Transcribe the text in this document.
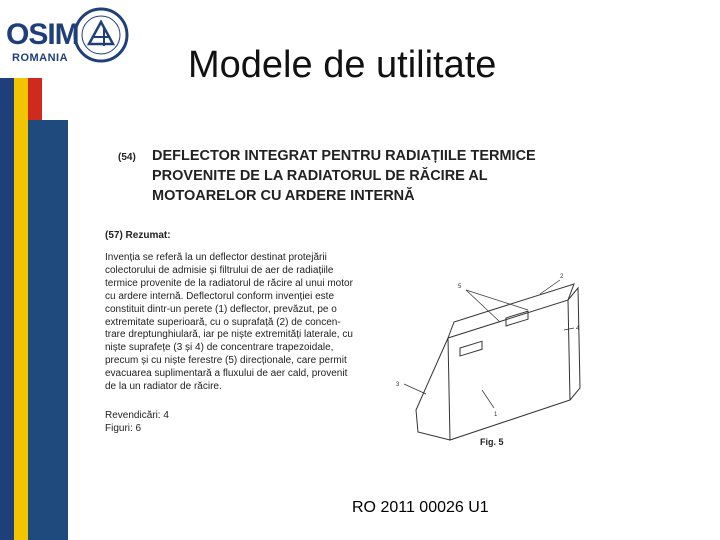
OSIM
ROMANIA	Modele de utilitate
(54) DEFLECTOR INTEGRAT PENTRU RADIAȚIILE TERMICE
PROVENITE DE LA RADIATORUL DE RĂCIRE AL
MOTOARELOR CU ARDERE INTERNĂ
(57) Rezumat:
Invenția se referă la un deflector destinat protejării
colectorului de admisie și filtrului de aer de radiațiile
termice provenite de la radiatorul de răcire al unui motor
cu ardere internă. Deflectorul conform invenției este
constituit dintr-un perete (1) deflector, prevăzut, pe o
extremitate superioară, cu o suprafață (2) de concen-
trare dreptunghiulară, iar pe niște extremități laterale, cu
niște suprafețe (3 și 4) de concentrare trapezoidale,
precum și cu niște ferestre (5) direcționale, care permit
evacuarea suplimentară a fluxului de aer cald, provenit
de la un radiator de răcire.
Revendicări: 4
Figuri: 6
5
2
4
3
1
Fig. 5
RO 2011 00026 U1
